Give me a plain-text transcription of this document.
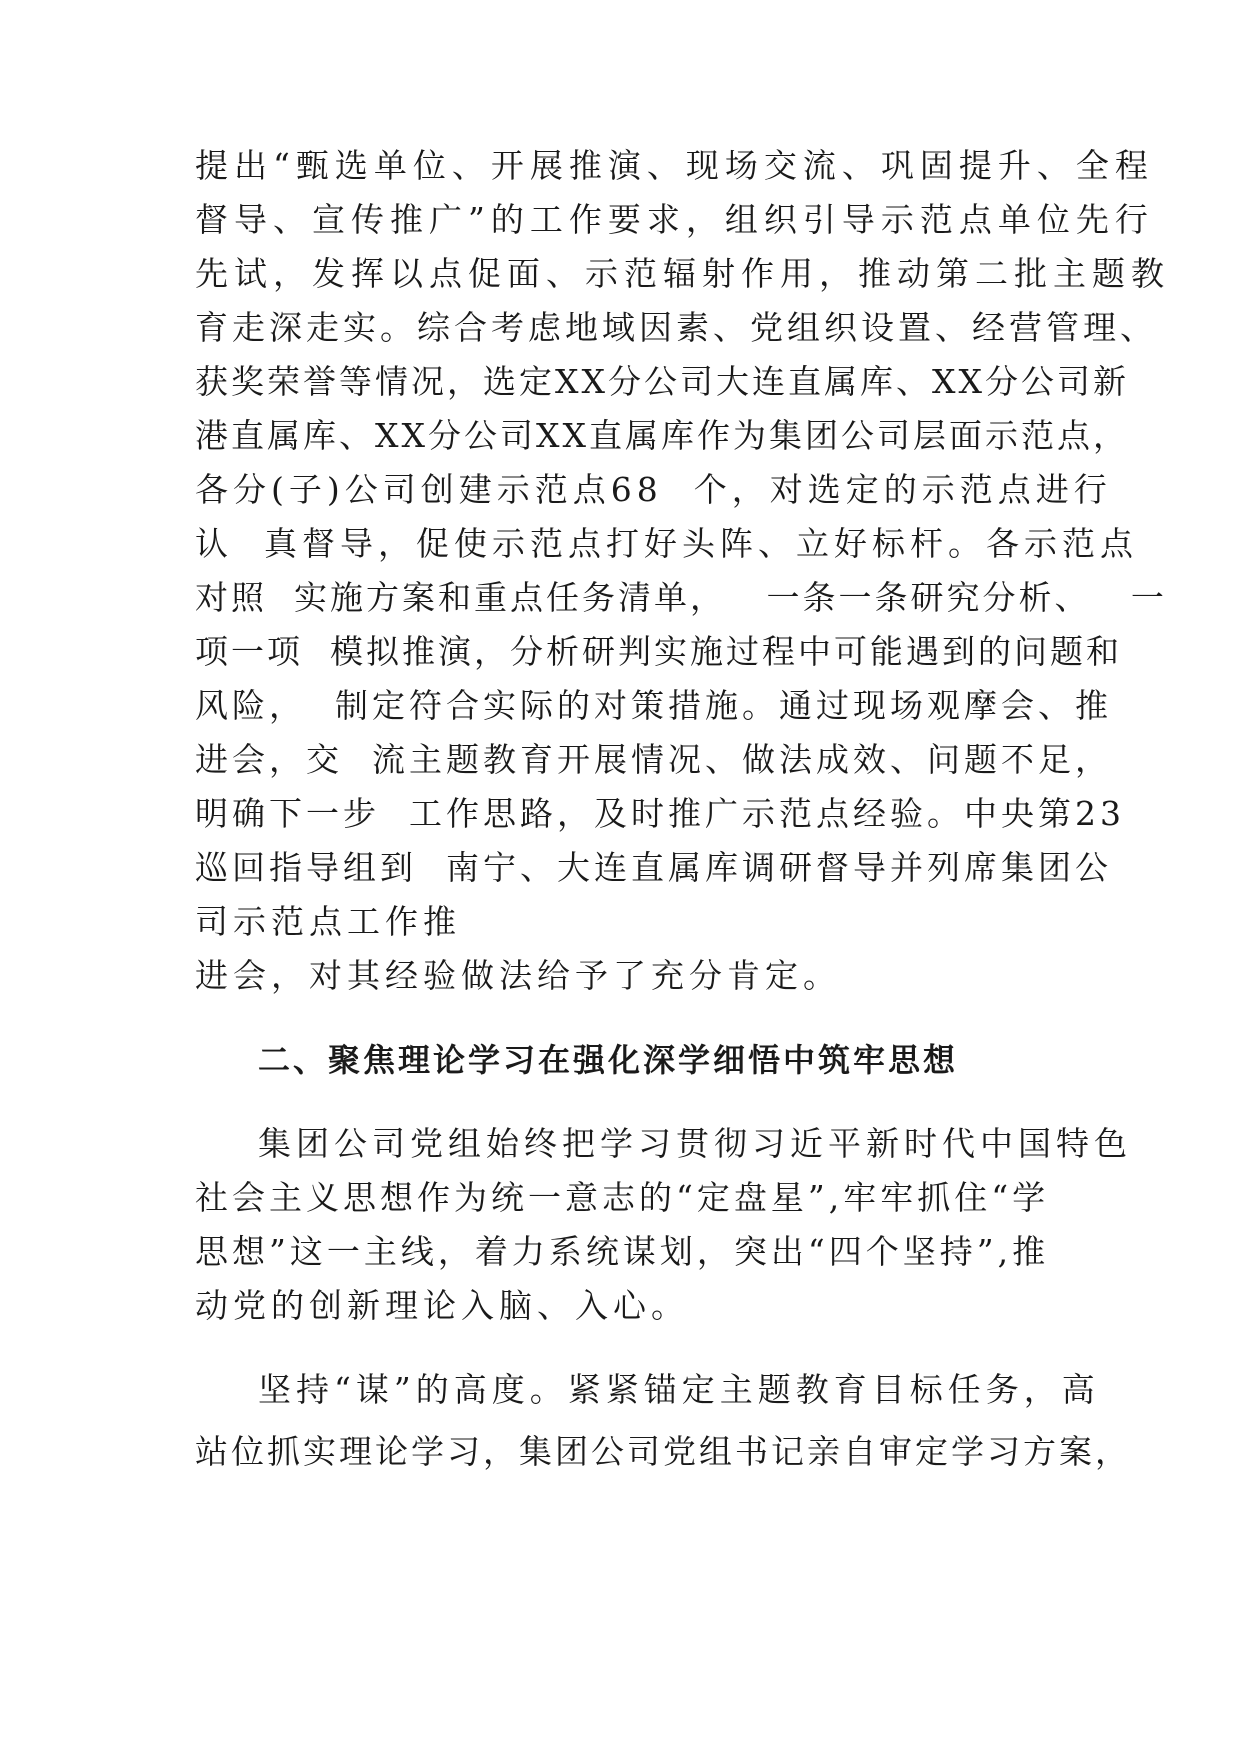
提出“甄选单位、开展推演、现场交流、巩固提升、全程
督导、宣传推广”的工作要求，组织引导示范点单位先行
先试，发挥以点促面、示范辐射作用，推动第二批主题教
育走深走实。综合考虑地域因素、党组织设置、经营管理、
获奖荣誉等情况，选定XX分公司大连直属库、XX分公司新
港直属库、XX分公司XX直属库作为集团公司层面示范点，
各分(子)公司创建示范点68  个，对选定的示范点进行
认  真督导，促使示范点打好头阵、立好标杆。各示范点
对照  实施方案和重点任务清单，   一条一条研究分析、   一
项一项  模拟推演，分析研判实施过程中可能遇到的问题和
风险，  制定符合实际的对策措施。通过现场观摩会、推
进会，交  流主题教育开展情况、做法成效、问题不足，
明确下一步  工作思路，及时推广示范点经验。中央第23
巡回指导组到  南宁、大连直属库调研督导并列席集团公
司示范点工作推
进会，对其经验做法给予了充分肯定。
二、聚焦理论学习在强化深学细悟中筑牢思想
集团公司党组始终把学习贯彻习近平新时代中国特色
社会主义思想作为统一意志的“定盘星”,牢牢抓住“学
思想”这一主线，着力系统谋划，突出“四个坚持”,推
动党的创新理论入脑、入心。
坚持“谋”的高度。紧紧锚定主题教育目标任务，高
站位抓实理论学习，集团公司党组书记亲自审定学习方案，
